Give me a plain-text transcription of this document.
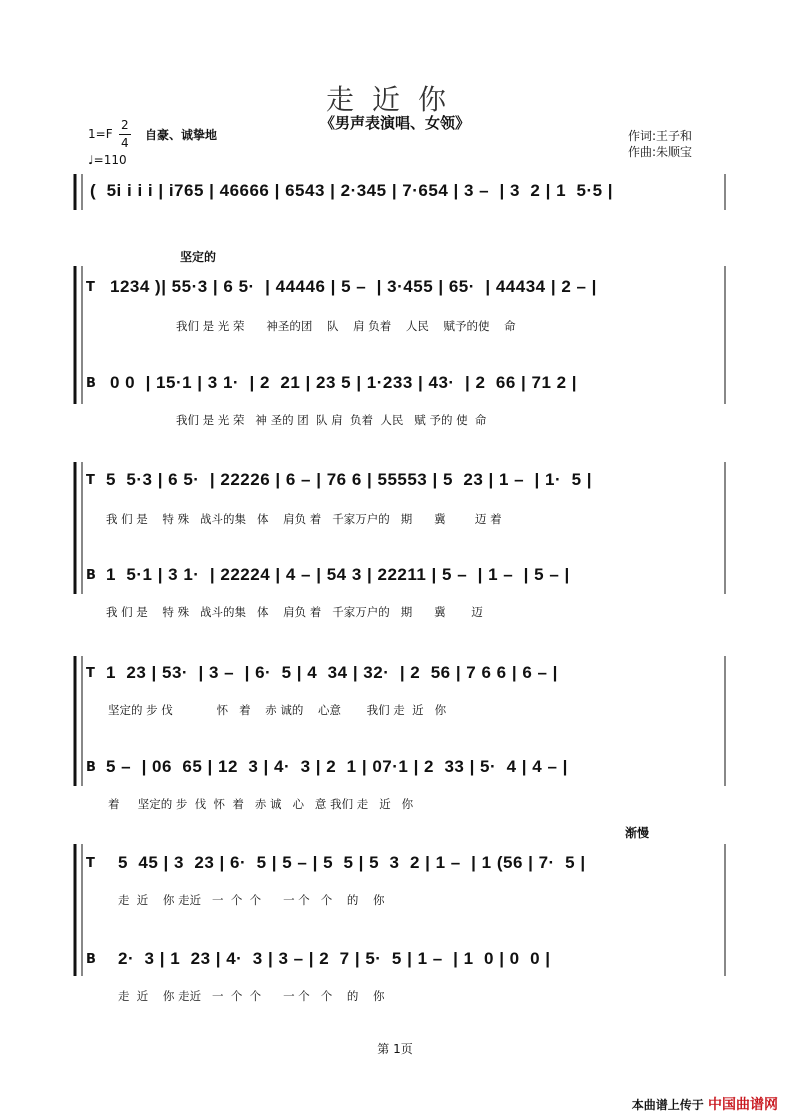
走近你
《男声表演唱、女领》
1=F
2
4
自豪、诚挚地
♩=110
作词:王子和
作曲:朱顺宝
(  5i i i i | i765 | 46666 | 6543 | 2·345 | 7·654 | 3 –  | 3  2 | 1  5·5 |
坚定的
T 1234 )| 55·3 | 6 5·  | 44446 | 5 –  | 3·455 | 65·  | 44434 | 2 – |
我们 是 光 荣      神圣的团    队    肩 负着    人民    赋予的使    命
B 0 0  | 15·1 | 3 1·  | 2  21 | 23 5 | 1·233 | 43·  | 2  66 | 71 2 |
我们 是 光 荣   神 圣的 团  队 肩  负着  人民   赋 予的 使  命
T 5  5·3 | 6 5·  | 22226 | 6 – | 76 6 | 55553 | 5  23 | 1 –  | 1·  5 |
我 们 是    特 殊   战斗的集   体    肩负 着   千家万户的   期      冀        迈 着
B 1  5·1 | 3 1·  | 22224 | 4 – | 54 3 | 22211 | 5 –  | 1 –  | 5 – |
我 们 是    特 殊   战斗的集   体    肩负 着   千家万户的   期      冀       迈
T 1  23 | 53·  | 3 –  | 6·  5 | 4  34 | 32·  | 2  56 | 7 6 6 | 6 – |
坚定的 步 伐            怀   着    赤 诚的    心意       我们 走  近   你
B 5 –  | 06  65 | 12  3 | 4·  3 | 2  1 | 07·1 | 2  33 | 5·  4 | 4 – |
着     坚定的 步  伐  怀  着   赤 诚   心   意 我们 走   近   你
渐慢
T 5  45 | 3  23 | 6·  5 | 5 – | 5  5 | 5  3  2 | 1 –  | 1 (56 | 7·  5 |
走  近    你 走近   一  个  个      一 个   个    的    你
B 2·  3 | 1  23 | 4·  3 | 3 – | 2  7 | 5·  5 | 1 –  | 1  0 | 0  0 |
走  近    你 走近   一  个  个      一 个   个    的    你
第 1页
本曲谱上传于 中国曲谱网
